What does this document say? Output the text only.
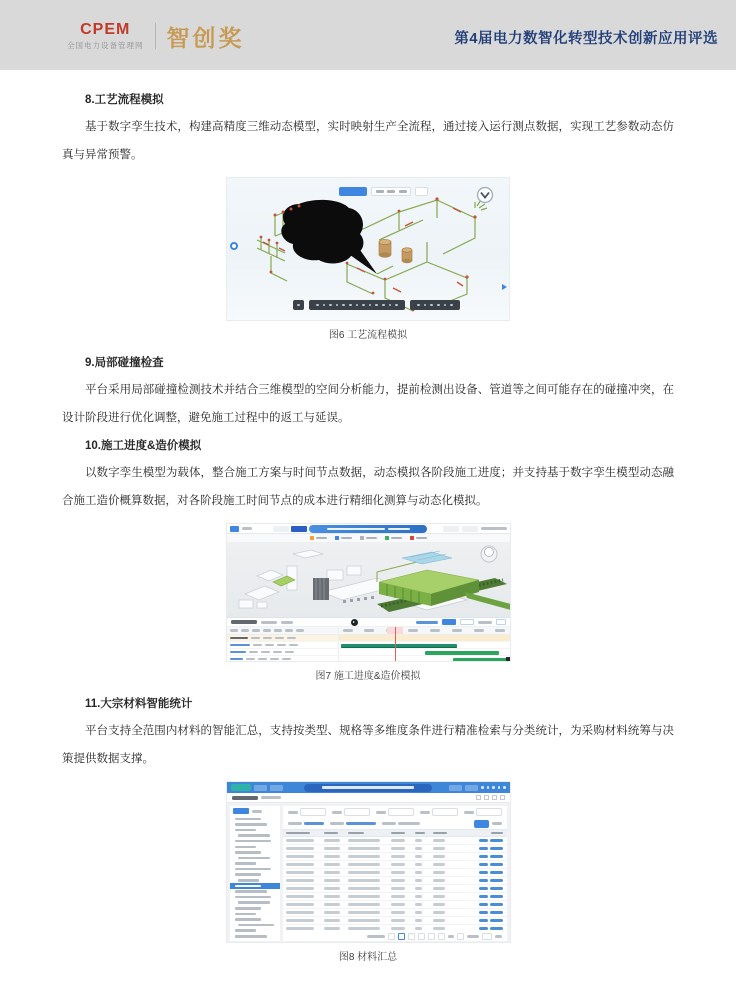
CPEM
全国电力设备管理网 智创奖	第4届电力数智化转型技术创新应用评选
8.工艺流程模拟

基于数字孪生技术，构建高精度三维动态模型，实时映射生产全流程，通过接入运行测点数据，实现工艺参数动态仿真与异常预警。

图6 工艺流程模拟
9.局部碰撞检查

平台采用局部碰撞检测技术并结合三维模型的空间分析能力，提前检测出设备、管道等之间可能存在的碰撞冲突，在设计阶段进行优化调整，避免施工过程中的返工与延误。

10.施工进度&造价模拟

以数字孪生模型为载体，整合施工方案与时间节点数据，动态模拟各阶段施工进度；并支持基于数字孪生模型动态融合施工造价概算数据，对各阶段施工时间节点的成本进行精细化测算与动态化模拟。

图7 施工进度&造价模拟
11.大宗材料智能统计

平台支持全范围内材料的智能汇总，支持按类型、规格等多维度条件进行精准检索与分类统计，为采购材料统筹与决策提供数据支撑。

图8 材料汇总
